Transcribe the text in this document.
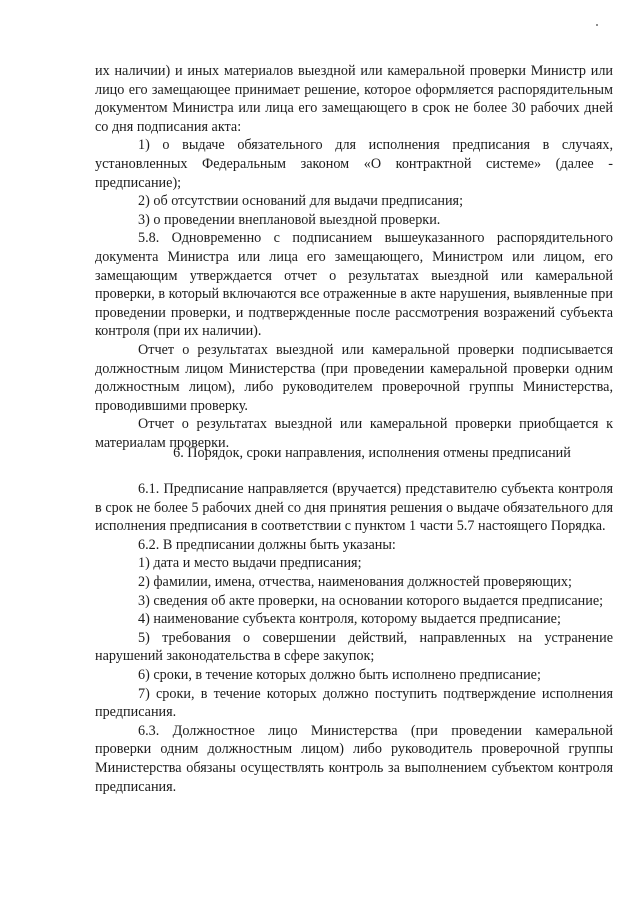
их наличии) и иных материалов выездной или камеральной проверки Министр или лицо его замещающее принимает решение, которое оформляется распорядительным документом Министра или лица его замещающего в срок не более 30 рабочих дней со дня подписания акта:

1) о выдаче обязательного для исполнения предписания в случаях, установленных Федеральным законом «О контрактной системе» (далее - предписание);

2) об отсутствии оснований для выдачи предписания;

3) о проведении внеплановой выездной проверки.

5.8. Одновременно с подписанием вышеуказанного распорядительного документа Министра или лица его замещающего, Министром или лицом, его замещающим утверждается отчет о результатах выездной или камеральной проверки, в который включаются все отраженные в акте нарушения, выявленные при проведении проверки, и подтвержденные после рассмотрения возражений субъекта контроля (при их наличии).

Отчет о результатах выездной или камеральной проверки подписывается должностным лицом Министерства (при проведении камеральной проверки одним должностным лицом), либо руководителем проверочной группы Министерства, проводившими проверку.

Отчет о результатах выездной или камеральной проверки приобщается к материалам проверки.

6. Порядок, сроки направления, исполнения отмены предписаний

6.1. Предписание направляется (вручается) представителю субъекта контроля в срок не более 5 рабочих дней со дня принятия решения о выдаче обязательного для исполнения предписания в соответствии с пунктом 1 части 5.7 настоящего Порядка.

6.2. В предписании должны быть указаны:

1) дата и место выдачи предписания;

2) фамилии, имена, отчества, наименования должностей проверяющих;

3) сведения об акте проверки, на основании которого выдается предписание;

4) наименование субъекта контроля, которому выдается предписание;

5) требования о совершении действий, направленных на устранение нарушений законодательства в сфере закупок;

6) сроки, в течение которых должно быть исполнено предписание;

7) сроки, в течение которых должно поступить подтверждение исполнения предписания.

6.3. Должностное лицо Министерства (при проведении камеральной проверки одним должностным лицом) либо руководитель проверочной группы Министерства обязаны осуществлять контроль за выполнением субъектом контроля предписания.
